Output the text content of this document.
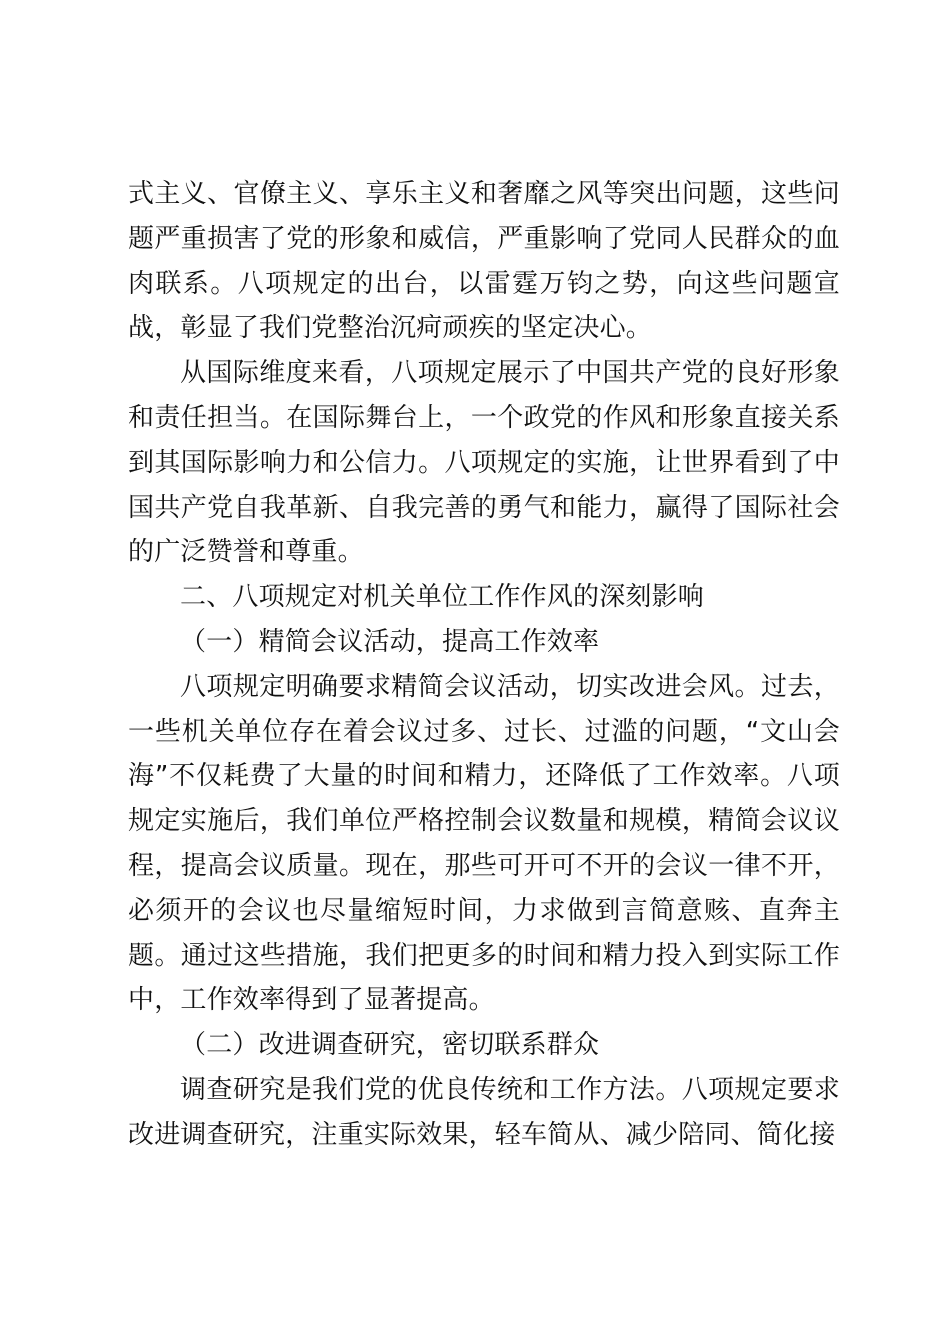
式主义、官僚主义、享乐主义和奢靡之风等突出问题，这些问题严重损害了党的形象和威信，严重影响了党同人民群众的血肉联系。八项规定的出台，以雷霆万钧之势，向这些问题宣战，彰显了我们党整治沉疴顽疾的坚定决心。

从国际维度来看，八项规定展示了中国共产党的良好形象和责任担当。在国际舞台上，一个政党的作风和形象直接关系到其国际影响力和公信力。八项规定的实施，让世界看到了中国共产党自我革新、自我完善的勇气和能力，赢得了国际社会的广泛赞誉和尊重。

二、八项规定对机关单位工作作风的深刻影响

（一）精简会议活动，提高工作效率

八项规定明确要求精简会议活动，切实改进会风。过去，一些机关单位存在着会议过多、过长、过滥的问题，“文山会海”不仅耗费了大量的时间和精力，还降低了工作效率。八项规定实施后，我们单位严格控制会议数量和规模，精简会议议程，提高会议质量。现在，那些可开可不开的会议一律不开，必须开的会议也尽量缩短时间，力求做到言简意赅、直奔主题。通过这些措施，我们把更多的时间和精力投入到实际工作中，工作效率得到了显著提高。

（二）改进调查研究，密切联系群众

调查研究是我们党的优良传统和工作方法。八项规定要求改进调查研究，注重实际效果，轻车简从、减少陪同、简化接
